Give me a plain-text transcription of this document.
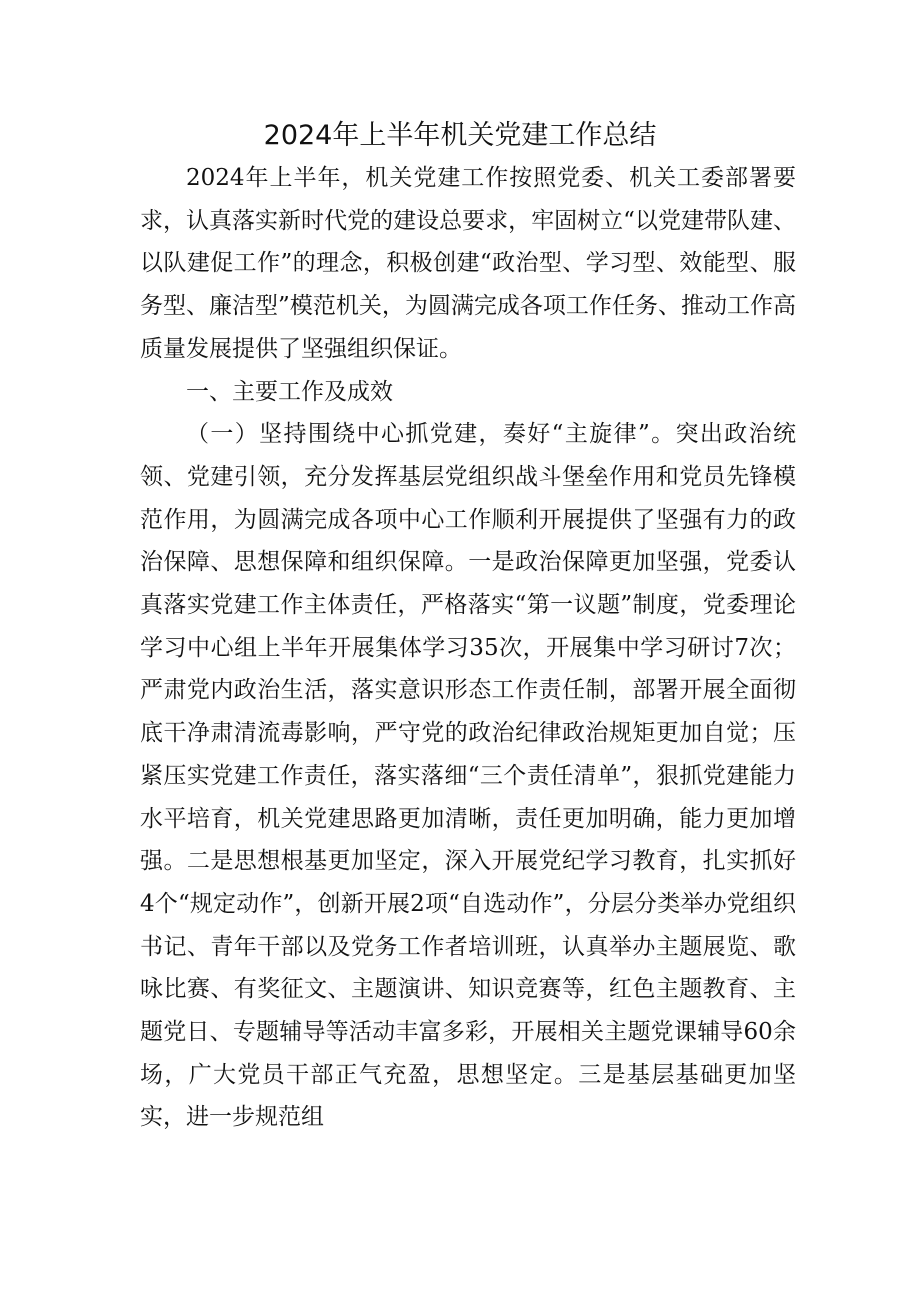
2024年上半年机关党建工作总结

2024年上半年，机关党建工作按照党委、机关工委部署要求，认真落实新时代党的建设总要求，牢固树立“以党建带队建、以队建促工作”的理念，积极创建“政治型、学习型、效能型、服务型、廉洁型”模范机关，为圆满完成各项工作任务、推动工作高质量发展提供了坚强组织保证。

一、主要工作及成效

（一）坚持围绕中心抓党建，奏好“主旋律”。突出政治统领、党建引领，充分发挥基层党组织战斗堡垒作用和党员先锋模范作用，为圆满完成各项中心工作顺利开展提供了坚强有力的政治保障、思想保障和组织保障。一是政治保障更加坚强，党委认真落实党建工作主体责任，严格落实“第一议题”制度，党委理论学习中心组上半年开展集体学习35次，开展集中学习研讨7次；严肃党内政治生活，落实意识形态工作责任制，部署开展全面彻底干净肃清流毒影响，严守党的政治纪律政治规矩更加自觉；压紧压实党建工作责任，落实落细“三个责任清单”，狠抓党建能力水平培育，机关党建思路更加清晰，责任更加明确，能力更加增强。二是思想根基更加坚定，深入开展党纪学习教育，扎实抓好4个“规定动作”，创新开展2项“自选动作”，分层分类举办党组织书记、青年干部以及党务工作者培训班，认真举办主题展览、歌咏比赛、有奖征文、主题演讲、知识竞赛等，红色主题教育、主题党日、专题辅导等活动丰富多彩，开展相关主题党课辅导60余场，广大党员干部正气充盈，思想坚定。三是基层基础更加坚实，进一步规范组
